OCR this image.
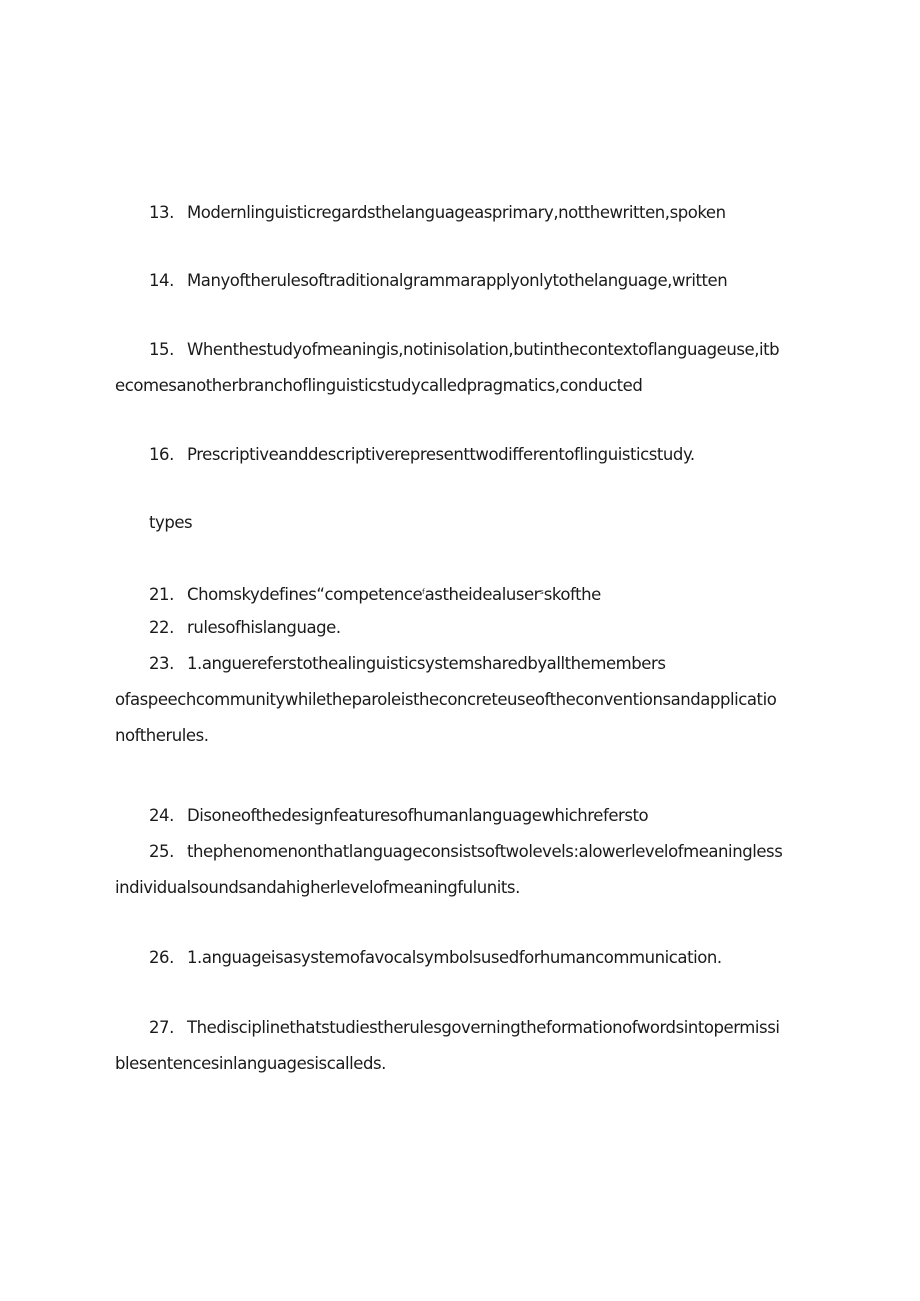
13. Modernlinguisticregardsthelanguageasprimary,notthewritten,spoken
14. Manyoftherulesoftraditionalgrammarapplyonlytothelanguage,written
15. Whenthestudyofmeaningis,notinisolation,butinthecontextoflanguageuse,itb
ecomesanotherbranchoflinguisticstudycalledpragmatics,conducted
16. Prescriptiveanddescriptiverepresenttwodifferentoflinguisticstudy.
types
21. Chomskydefines“competence$^f$astheidealuser$^s$skofthe
22. rulesofhislanguage.
23. 1.anguereferstothealinguisticsystemsharedbyallthemembers
ofaspeechcommunitywhiletheparoleistheconcreteuseoftheconventionsandapplicatio
noftherules.
24. Disoneofthedesignfeaturesofhumanlanguagewhichrefersto
25. thephenomenonthatlanguageconsistsoftwolevels:alowerlevelofmeaningless
individualsoundsandahigherlevelofmeaningfulunits.
26. 1.anguageisasystemofavocalsymbolsusedforhumancommunication.
27. Thedisciplinethatstudiestherulesgoverningtheformationofwordsintopermissi
blesentencesinlanguagesiscalleds.
